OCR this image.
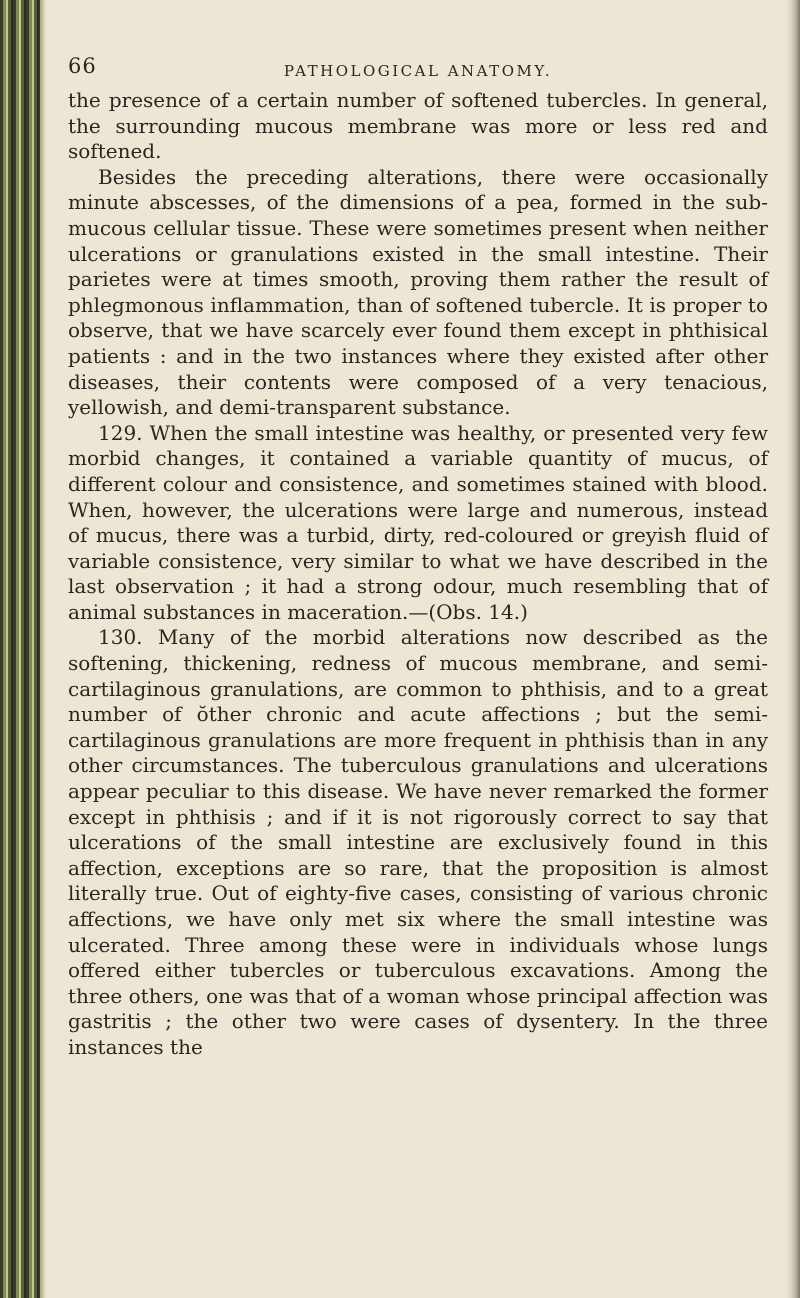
66	PATHOLOGICAL ANATOMY.

the presence of a certain number of softened tubercles. In general, the surrounding mucous membrane was more or less red and softened.

Besides the preceding alterations, there were occasionally minute abscesses, of the dimensions of a pea, formed in the sub-mucous cellular tissue. These were sometimes present when neither ulcerations or granulations existed in the small intestine. Their parietes were at times smooth, proving them rather the result of phlegmonous inflammation, than of softened tubercle. It is proper to observe, that we have scarcely ever found them except in phthisical patients : and in the two instances where they existed after other diseases, their contents were composed of a very tenacious, yellowish, and demi-transparent substance.

129. When the small intestine was healthy, or presented very few morbid changes, it contained a variable quantity of mucus, of different colour and consistence, and sometimes stained with blood. When, however, the ulcerations were large and numerous, instead of mucus, there was a turbid, dirty, red-coloured or greyish fluid of variable consistence, very similar to what we have described in the last observation ; it had a strong odour, much resembling that of animal substances in maceration.—(Obs. 14.)

130. Many of the morbid alterations now described as the softening, thickening, redness of mucous membrane, and semi-cartilaginous granulations, are common to phthisis, and to a great number of ŏther chronic and acute affections ; but the semi-cartilaginous granulations are more frequent in phthisis than in any other circumstances. The tuberculous granulations and ulcerations appear peculiar to this disease. We have never remarked the former except in phthisis ; and if it is not rigorously correct to say that ulcerations of the small intestine are exclusively found in this affection, exceptions are so rare, that the proposition is almost literally true. Out of eighty-five cases, consisting of various chronic affections, we have only met six where the small intestine was ulcerated. Three among these were in individuals whose lungs offered either tubercles or tuberculous excavations. Among the three others, one was that of a woman whose principal affection was gastritis ; the other two were cases of dysentery. In the three instances the
